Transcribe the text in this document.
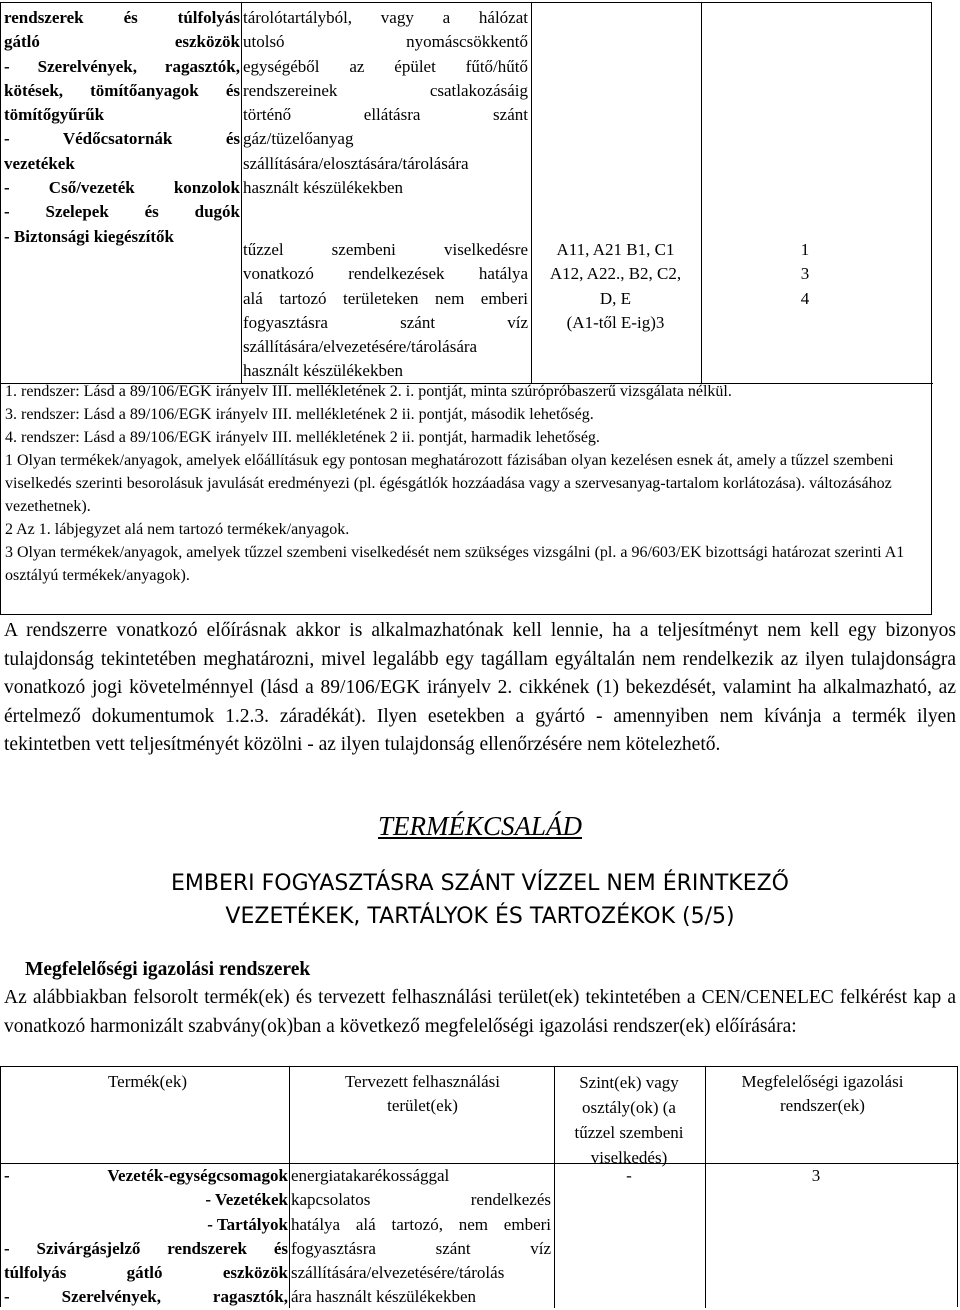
rendszerek és túlfolyás
gátló eszközök
- Szerelvények, ragasztók,
kötések, tömítőanyagok és
tömítőgyűrűk
- Védőcsatornák és
vezetékek
- Cső/vezeték konzolok
- Szelepek és dugók
- Biztonsági kiegészítők
tárolótartályból, vagy a hálózat
utolsó nyomáscsökkentő
egységéből az épület fűtő/hűtő
rendszereinek csatlakozásáig
történő ellátásra szánt
gáz/tüzelőanyag
szállítására/elosztására/tárolására
használt készülékekben
tűzzel szembeni viselkedésre
vonatkozó rendelkezések hatálya
alá tartozó területeken nem emberi
fogyasztásra szánt víz
szállítására/elvezetésére/tárolására
használt készülékekben
A11, A21 B1, C1
A12, A22., B2, C2,
D, E
(A1-től E-ig)3
1
3
4
1. rendszer: Lásd a 89/106/EGK irányelv III. mellékletének 2. i. pontját, minta szúrópróbaszerű vizsgálata nélkül.
3. rendszer: Lásd a 89/106/EGK irányelv III. mellékletének 2 ii. pontját, második lehetőség.
4. rendszer: Lásd a 89/106/EGK irányelv III. mellékletének 2 ii. pontját, harmadik lehetőség.
1 Olyan termékek/anyagok, amelyek előállításuk egy pontosan meghatározott fázisában olyan kezelésen esnek át, amely a tűzzel szembeni viselkedés szerinti besorolásuk javulását eredményezi (pl. égésgátlók hozzáadása vagy a szervesanyag-tartalom korlátozása). változásához vezethetnek).
2 Az 1. lábjegyzet alá nem tartozó termékek/anyagok.
3 Olyan termékek/anyagok, amelyek tűzzel szembeni viselkedését nem szükséges vizsgálni (pl. a 96/603/EK bizottsági határozat szerinti A1 osztályú termékek/anyagok).
A rendszerre vonatkozó előírásnak akkor is alkalmazhatónak kell lennie, ha a teljesítményt nem kell egy bizonyos tulajdonság tekintetében meghatározni, mivel legalább egy tagállam egyáltalán nem rendelkezik az ilyen tulajdonságra vonatkozó jogi követelménnyel (lásd a 89/106/EGK irányelv 2. cikkének (1) bekezdését, valamint ha alkalmazható, az értelmező dokumentumok 1.2.3. záradékát). Ilyen esetekben a gyártó - amennyiben nem kívánja a termék ilyen tekintetben vett teljesítményét közölni - az ilyen tulajdonság ellenőrzésére nem kötelezhető.
TERMÉKCSALÁD
EMBERI FOGYASZTÁSRA SZÁNT VÍZZEL NEM ÉRINTKEZŐ
VEZETÉKEK, TARTÁLYOK ÉS TARTOZÉKOK (5/5)
Megfelelőségi igazolási rendszerek
Az alábbiakban felsorolt termék(ek) és tervezett felhasználási terület(ek) tekintetében a CEN/CENELEC felkérést kap a vonatkozó harmonizált szabvány(ok)ban a következő megfelelőségi igazolási rendszer(ek) előírására:
Termék(ek)	Tervezett felhasználási terület(ek)
Szint(ek) vagy osztály(ok) (a tűzzel szembeni viselkedés)
Megfelelőségi igazolási rendszer(ek)
- Vezeték-egységcsomagok
- Vezetékek
- Tartályok
- Szivárgásjelző rendszerek és
túlfolyás gátló eszközök
- Szerelvények, ragasztók,
energiatakarékossággal
kapcsolatos rendelkezés
hatálya alá tartozó, nem emberi
fogyasztásra szánt víz
szállítására/elvezetésére/tárolás
ára használt készülékekben
-	3
